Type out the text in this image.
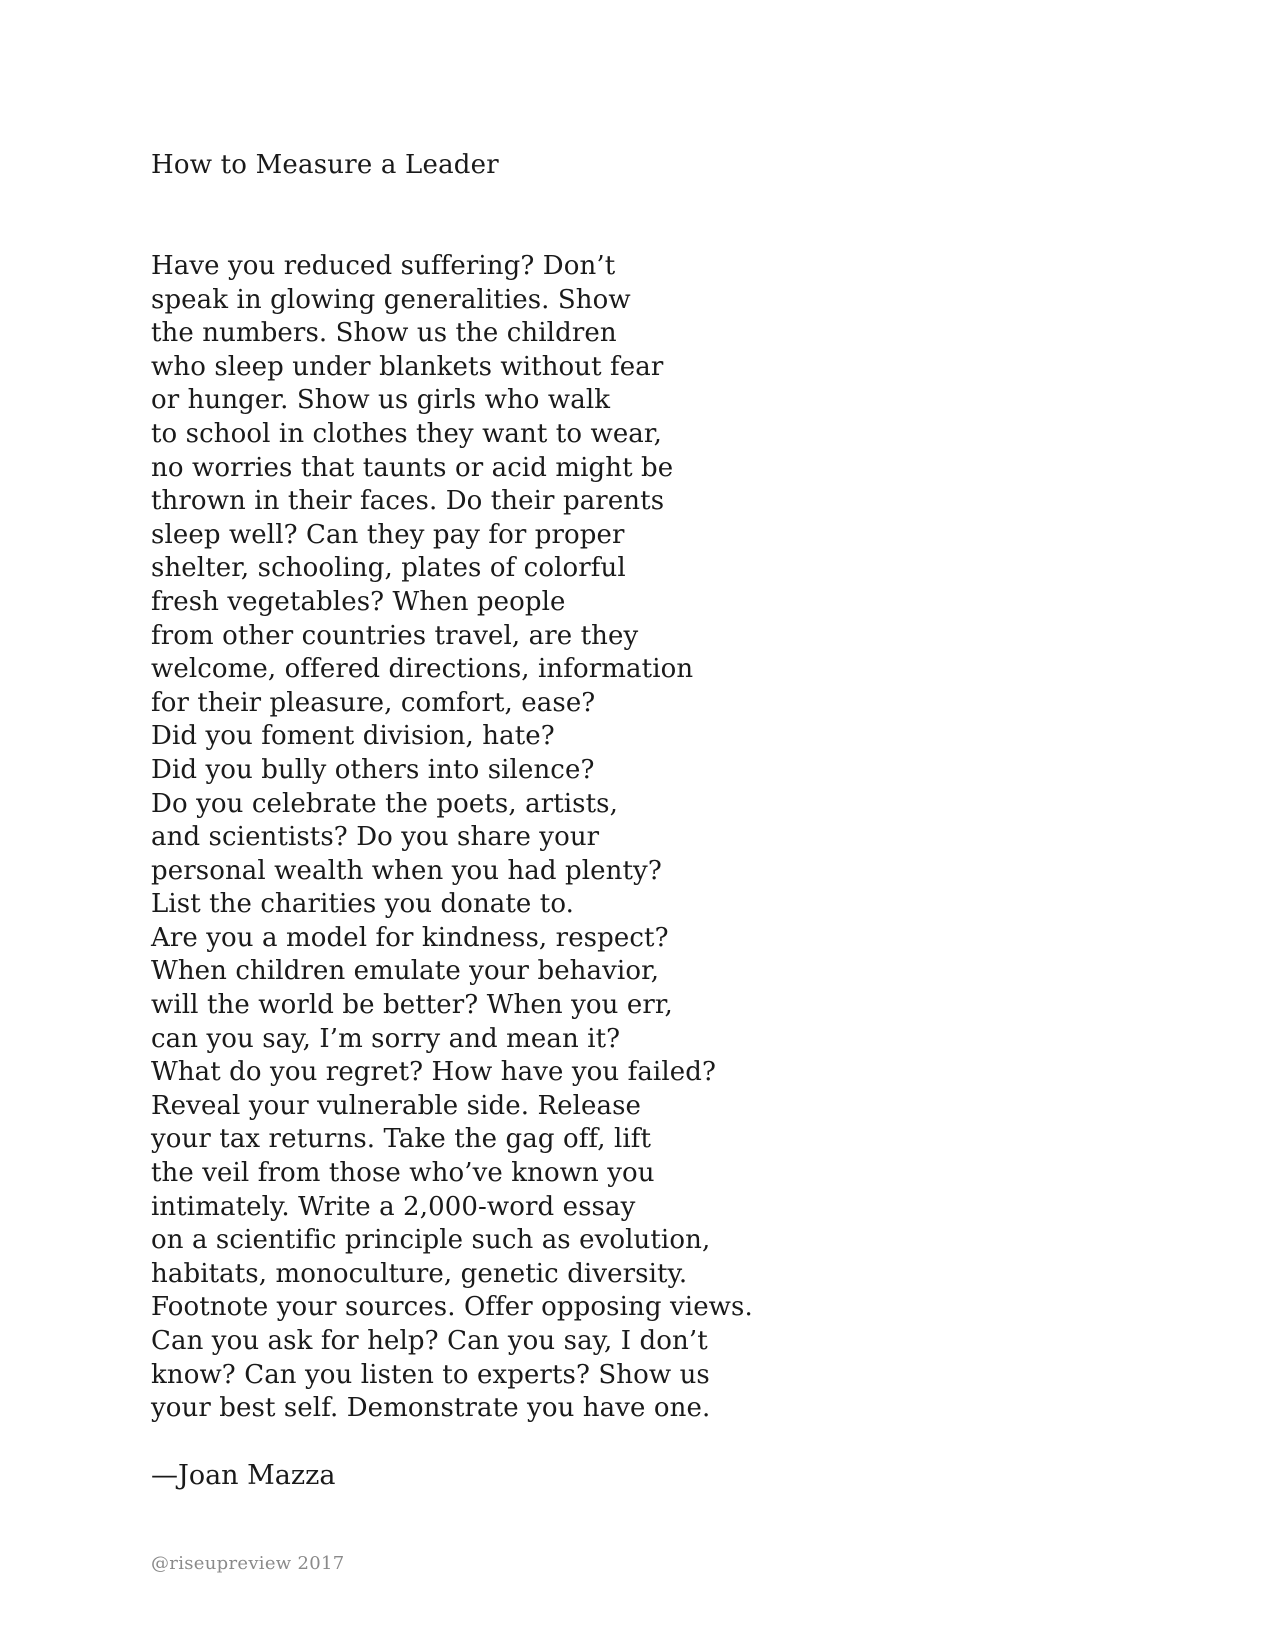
How to Measure a Leader
Have you reduced suffering? Don’t
speak in glowing generalities. Show
the numbers. Show us the children
who sleep under blankets without fear
or hunger. Show us girls who walk
to school in clothes they want to wear,
no worries that taunts or acid might be
thrown in their faces. Do their parents
sleep well? Can they pay for proper
shelter, schooling, plates of colorful
fresh vegetables? When people
from other countries travel, are they
welcome, offered directions, information
for their pleasure, comfort, ease?
Did you foment division, hate?
Did you bully others into silence?
Do you celebrate the poets, artists,
and scientists? Do you share your
personal wealth when you had plenty?
List the charities you donate to.
Are you a model for kindness, respect?
When children emulate your behavior,
will the world be better? When you err,
can you say, I’m sorry and mean it?
What do you regret? How have you failed?
Reveal your vulnerable side. Release
your tax returns. Take the gag off, lift
the veil from those who’ve known you
intimately. Write a 2,000-word essay
on a scientific principle such as evolution,
habitats, monoculture, genetic diversity.
Footnote your sources. Offer opposing views.
Can you ask for help? Can you say, I don’t
know? Can you listen to experts? Show us
your best self. Demonstrate you have one.
—Joan Mazza
@riseupreview 2017
